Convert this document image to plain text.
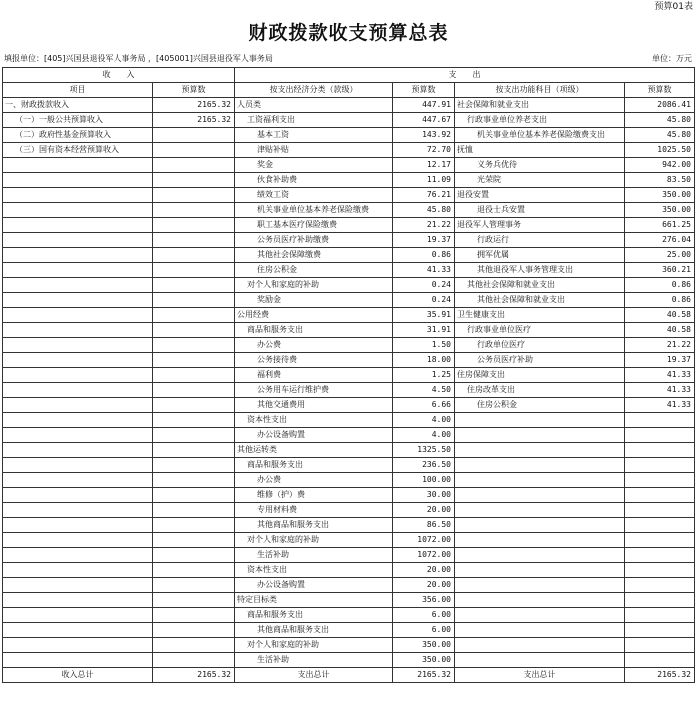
预算01表
财政拨款收支预算总表
填报单位：[405]兴国县退役军人事务局 ，[405001]兴国县退役军人事务局	单位：万元
收　　入		支　　出			
项目	预算数	按支出经济分类（款级）	预算数	按支出功能科目（项级）	预算数
一、财政拨款收入	2165.32	人员类	447.91	社会保障和就业支出	2086.41
（一）一般公共预算收入	2165.32	工资福利支出	447.67	行政事业单位养老支出	45.80
（二）政府性基金预算收入		基本工资	143.92	机关事业单位基本养老保险缴费支出	45.80
（三）国有资本经营预算收入		津贴补贴	72.70	抚恤	1025.50
		奖金	12.17	义务兵优待	942.00
		伙食补助费	11.09	光荣院	83.50
		绩效工资	76.21	退役安置	350.00
		机关事业单位基本养老保险缴费	45.80	退役士兵安置	350.00
		职工基本医疗保险缴费	21.22	退役军人管理事务	661.25
		公务员医疗补助缴费	19.37	行政运行	276.04
		其他社会保障缴费	0.86	拥军优属	25.00
		住房公积金	41.33	其他退役军人事务管理支出	360.21
		对个人和家庭的补助	0.24	其他社会保障和就业支出	0.86
		奖励金	0.24	其他社会保障和就业支出	0.86
		公用经费	35.91	卫生健康支出	40.58
		商品和服务支出	31.91	行政事业单位医疗	40.58
		办公费	1.50	行政单位医疗	21.22
		公务接待费	18.00	公务员医疗补助	19.37
		福利费	1.25	住房保障支出	41.33
		公务用车运行维护费	4.50	住房改革支出	41.33
		其他交通费用	6.66	住房公积金	41.33
		资本性支出	4.00		
		办公设备购置	4.00		
		其他运转类	1325.50		
		商品和服务支出	236.50		
		办公费	100.00		
		维修（护）费	30.00		
		专用材料费	20.00		
		其他商品和服务支出	86.50		
		对个人和家庭的补助	1072.00		
		生活补助	1072.00		
		资本性支出	20.00		
		办公设备购置	20.00		
		特定目标类	356.00		
		商品和服务支出	6.00		
		其他商品和服务支出	6.00		
		对个人和家庭的补助	350.00		
		生活补助	350.00		
收入总计	2165.32	支出总计	2165.32	支出总计	2165.32
